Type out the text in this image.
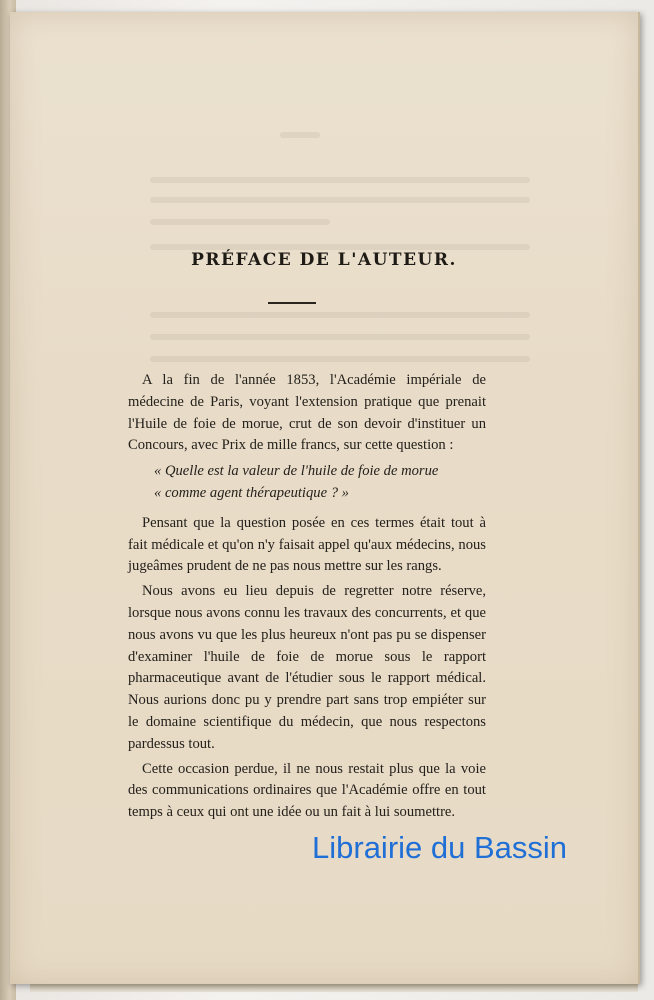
PRÉFACE DE L'AUTEUR.

A la fin de l'année 1853, l'Académie impériale de médecine de Paris, voyant l'extension pratique que prenait l'Huile de foie de morue, crut de son devoir d'instituer un Concours, avec Prix de mille francs, sur cette question :

« Quelle est la valeur de l'huile de foie de morue

« comme agent thérapeutique ? »

Pensant que la question posée en ces termes était tout à fait médicale et qu'on n'y faisait appel qu'aux médecins, nous jugeâmes prudent de ne pas nous mettre sur les rangs.

Nous avons eu lieu depuis de regretter notre réserve, lorsque nous avons connu les travaux des concurrents, et que nous avons vu que les plus heureux n'ont pas pu se dispenser d'examiner l'huile de foie de morue sous le rapport pharmaceutique avant de l'étudier sous le rapport médical. Nous aurions donc pu y prendre part sans trop empiéter sur le domaine scientifique du médecin, que nous respectons pardessus tout.

Cette occasion perdue, il ne nous restait plus que la voie des communications ordinaires que l'Académie offre en tout temps à ceux qui ont une idée ou un fait à lui soumettre.

Librairie du Bassin
